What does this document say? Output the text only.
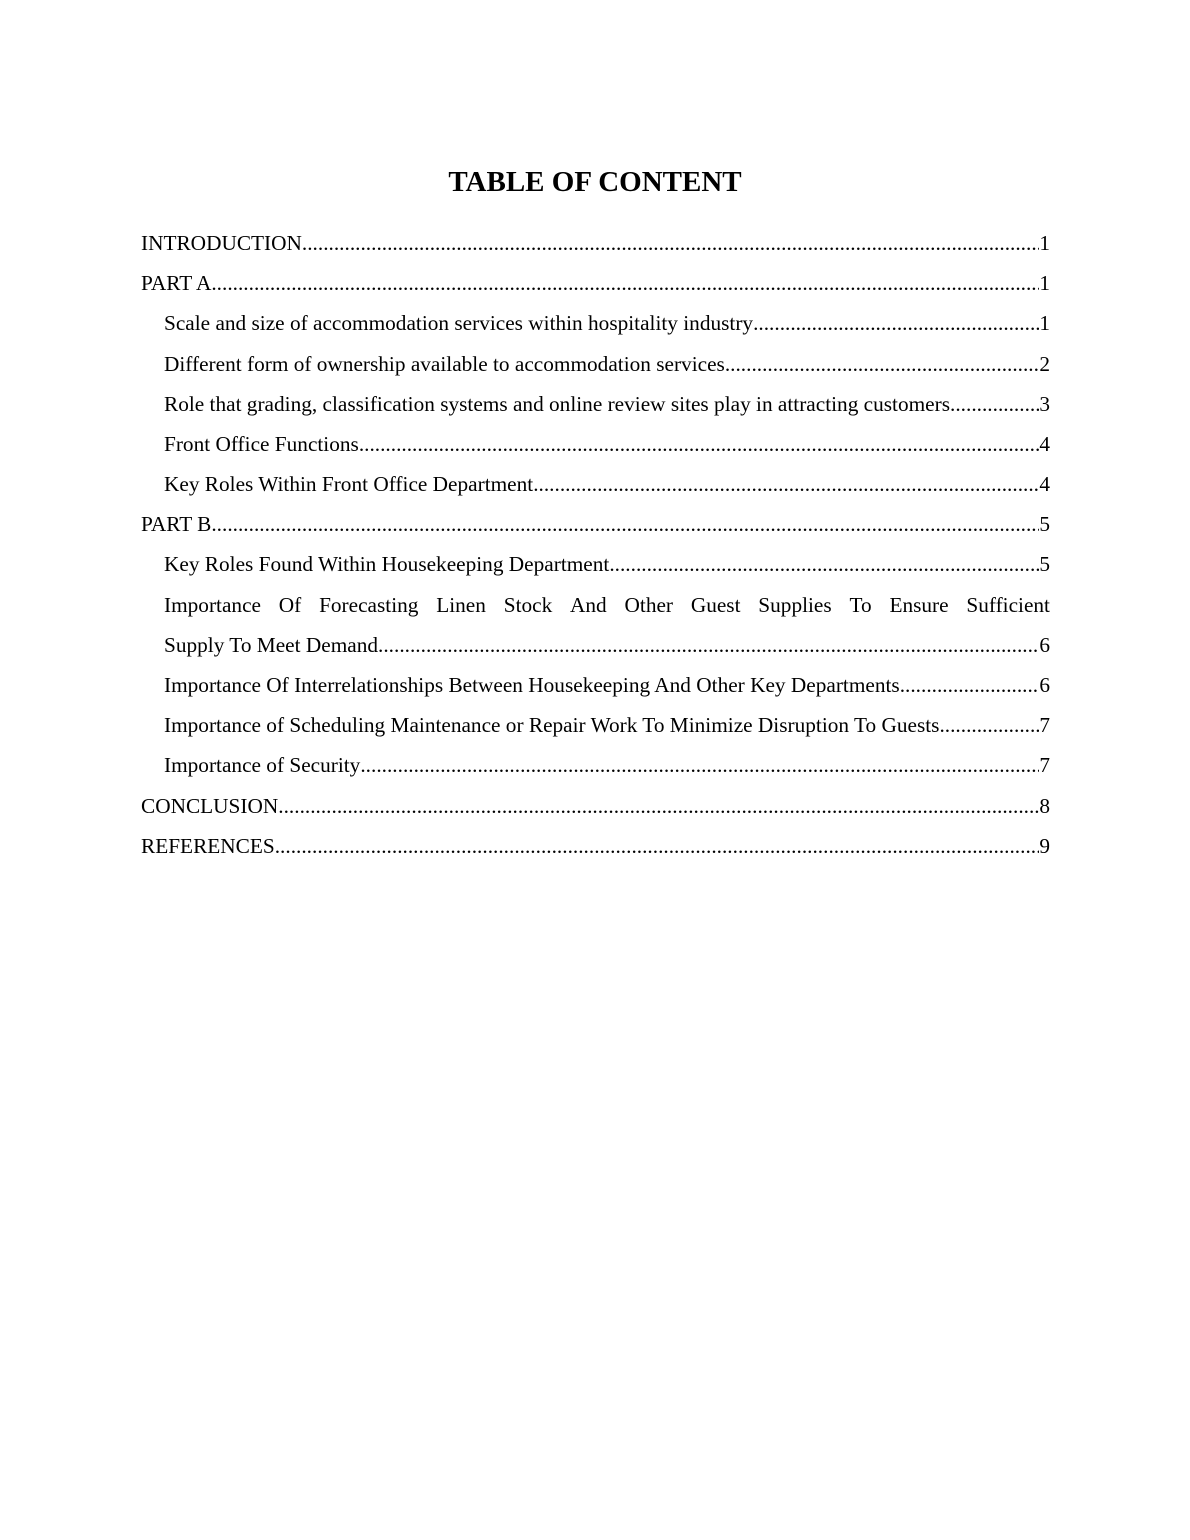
TABLE OF CONTENT
INTRODUCTION .....	1
PART A .....	1
Scale and size of accommodation services within hospitality industry .....	1
Different form of ownership available to accommodation services .....	2
Role that grading, classification systems and online review sites play in attracting customers .....	3
Front Office Functions .....	4
Key Roles Within Front Office Department .....	4
PART B .....	5
Key Roles Found Within Housekeeping Department .....	5
Importance Of Forecasting Linen Stock And Other Guest Supplies To Ensure Sufficient
Supply To Meet Demand .....	6
Importance Of Interrelationships Between Housekeeping And Other Key Departments .....	6
Importance of Scheduling Maintenance or Repair Work To Minimize Disruption To Guests .....	7
Importance of Security .....	7
CONCLUSION .....	8
REFERENCES .....	9
